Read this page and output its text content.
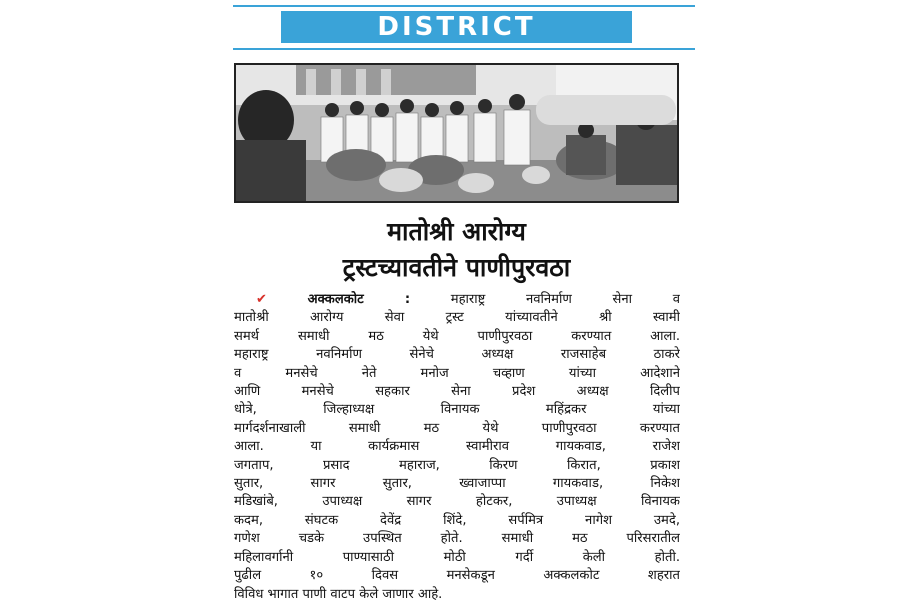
DISTRICT
मातोश्री आरोग्य
ट्रस्टच्यावतीने पाणीपुरवठा
✔	अक्कलकोट :	महाराष्ट्र नवनिर्माण सेना व
मातोश्री आरोग्य सेवा ट्रस्ट यांच्यावतीने श्री स्वामी
समर्थ समाधी मठ येथे पाणीपुरवठा करण्यात आला.
महाराष्ट्र नवनिर्माण सेनेचे अध्यक्ष राजसाहेब ठाकरे
व मनसेचे नेते मनोज चव्हाण यांच्या आदेशाने
आणि मनसेचे सहकार सेना प्रदेश अध्यक्ष दिलीप
धोत्रे, जिल्हाध्यक्ष विनायक महिंद्रकर यांच्या
मार्गदर्शनाखाली समाधी मठ येथे पाणीपुरवठा करण्यात
आला. या कार्यक्रमास स्वामीराव गायकवाड, राजेश
जगताप, प्रसाद महाराज, किरण किरात, प्रकाश
सुतार, सागर सुतार, ख्वाजाप्पा गायकवाड, निकेश
मडिखांबे, उपाध्यक्ष सागर होटकर, उपाध्यक्ष विनायक
कदम, संघटक देवेंद्र शिंदे, सर्पमित्र नागेश उमदे,
गणेश चडके उपस्थित होते. समाधी मठ परिसरातील
महिलावर्गानी पाण्यासाठी मोठी गर्दी केली होती.
पुढील १० दिवस मनसेकडून अक्कलकोट शहरात
विविध भागात पाणी वाटप केले जाणार आहे.
